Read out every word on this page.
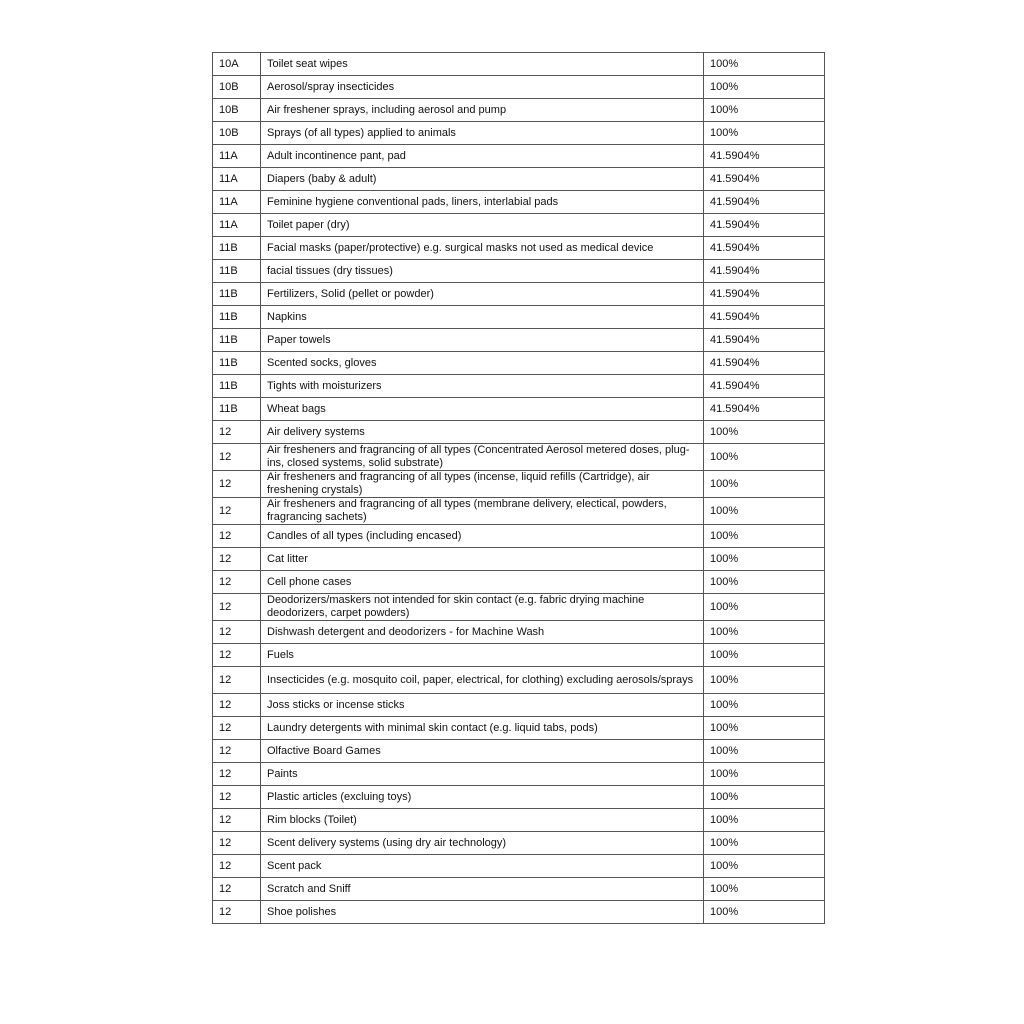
10A	Toilet seat wipes	100%
10B	Aerosol/spray insecticides	100%
10B	Air freshener sprays, including aerosol and pump	100%
10B	Sprays (of all types) applied to animals	100%
11A	Adult incontinence pant, pad	41.5904%
11A	Diapers (baby & adult)	41.5904%
11A	Feminine hygiene conventional pads, liners, interlabial pads	41.5904%
11A	Toilet paper (dry)	41.5904%
11B	Facial masks (paper/protective) e.g. surgical masks not used as medical device	41.5904%
11B	facial tissues (dry tissues)	41.5904%
11B	Fertilizers, Solid (pellet or powder)	41.5904%
11B	Napkins	41.5904%
11B	Paper towels	41.5904%
11B	Scented socks, gloves	41.5904%
11B	Tights with moisturizers	41.5904%
11B	Wheat bags	41.5904%
12	Air delivery systems	100%
12	Air fresheners and fragrancing of all types (Concentrated Aerosol metered doses, plug-ins, closed systems, solid substrate)	100%
12	Air fresheners and fragrancing of all types (incense, liquid refills (Cartridge), air freshening crystals)	100%
12	Air fresheners and fragrancing of all types (membrane delivery, electical, powders, fragrancing sachets)	100%
12	Candles of all types (including encased)	100%
12	Cat litter	100%
12	Cell phone cases	100%
12	Deodorizers/maskers not intended for skin contact (e.g. fabric drying machine deodorizers, carpet powders)	100%
12	Dishwash detergent and deodorizers - for Machine Wash	100%
12	Fuels	100%
12	Insecticides (e.g. mosquito coil, paper, electrical, for clothing) excluding aerosols/sprays	100%
12	Joss sticks or incense sticks	100%
12	Laundry detergents with minimal skin contact (e.g. liquid tabs, pods)	100%
12	Olfactive Board Games	100%
12	Paints	100%
12	Plastic articles (excluing toys)	100%
12	Rim blocks (Toilet)	100%
12	Scent delivery systems (using dry air technology)	100%
12	Scent pack	100%
12	Scratch and Sniff	100%
12	Shoe polishes	100%
